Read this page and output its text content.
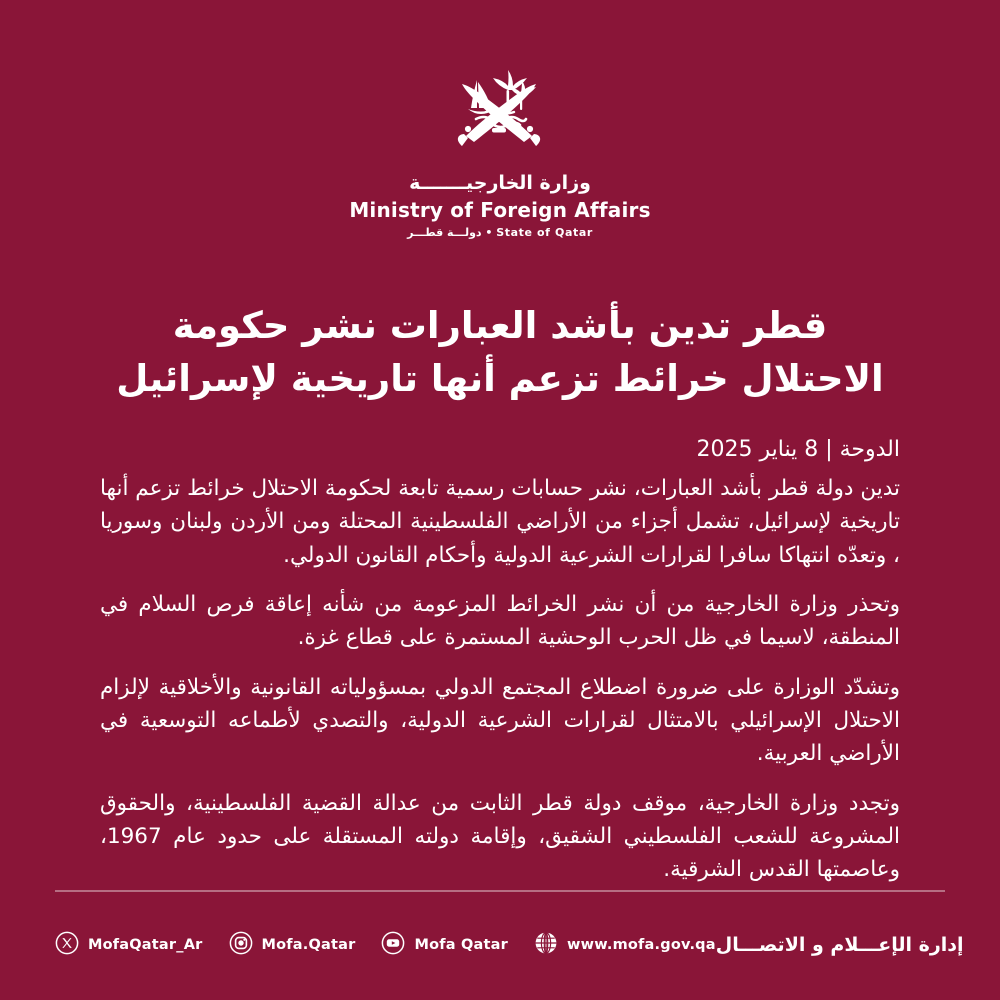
وزارة الخارجيـــــــة
Ministry of Foreign Affairs
دولـــة قطـــر • State of Qatar
قطر تدين بأشد العبارات نشر حكومة الاحتلال خرائط تزعم أنها تاريخية لإسرائيل
الدوحة | 8 يناير 2025

تدين دولة قطر بأشد العبارات، نشر حسابات رسمية تابعة لحكومة الاحتلال خرائط تزعم أنها تاريخية لإسرائيل، تشمل أجزاء من الأراضي الفلسطينية المحتلة ومن الأردن ولبنان وسوريا ، وتعدّه انتهاكا سافرا لقرارات الشرعية الدولية وأحكام القانون الدولي.

وتحذر وزارة الخارجية من أن نشر الخرائط المزعومة من شأنه إعاقة فرص السلام في المنطقة، لاسيما في ظل الحرب الوحشية المستمرة على قطاع غزة.

وتشدّد الوزارة على ضرورة اضطلاع المجتمع الدولي بمسؤولياته القانونية والأخلاقية لإلزام الاحتلال الإسرائيلي بالامتثال لقرارات الشرعية الدولية، والتصدي لأطماعه التوسعية في الأراضي العربية.

وتجدد وزارة الخارجية، موقف دولة قطر الثابت من عدالة القضية الفلسطينية، والحقوق المشروعة للشعب الفلسطيني الشقيق، وإقامة دولته المستقلة على حدود عام 1967، وعاصمتها القدس الشرقية.

MofaQatar_Ar	Mofa.Qatar	Mofa Qatar	www.mofa.gov.qa إدارة الإعـــلام و الاتصـــال
